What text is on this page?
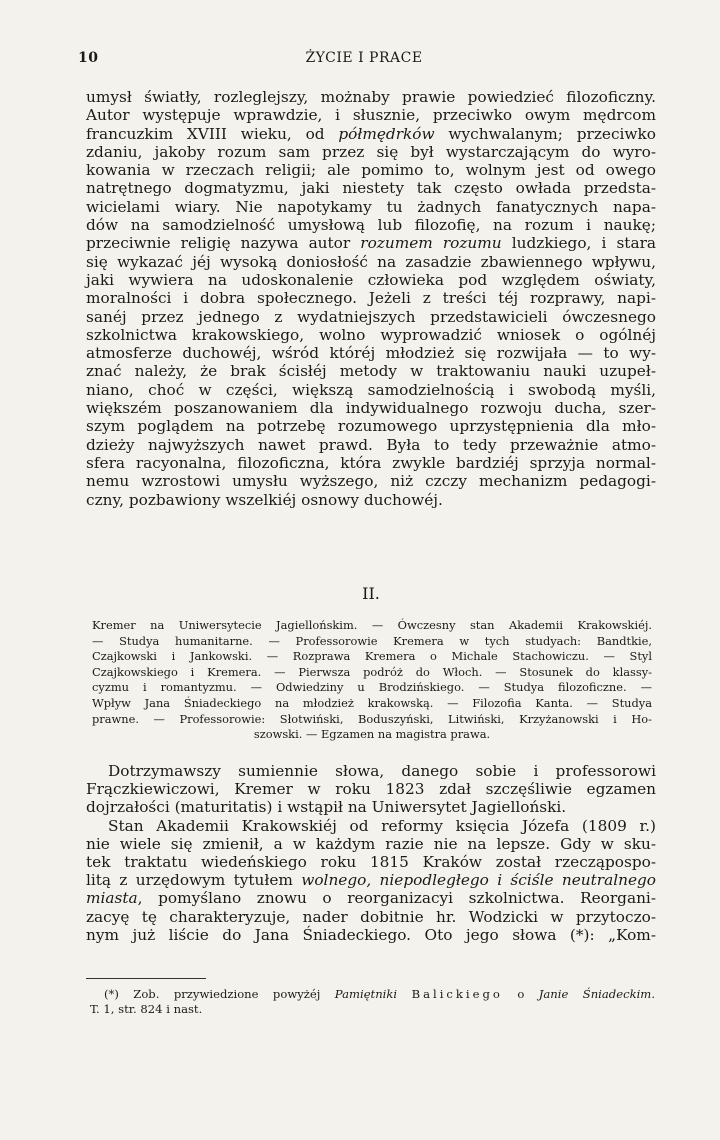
10	ŻYCIE I PRACE
umysł światły, rozleglejszy, możnaby prawie powiedzieć filozoficzny.
Autor występuje wprawdzie, i słusznie, przeciwko owym mędrcom
francuzkim XVIII wieku, od półmędrków wychwalanym; przeciwko
zdaniu, jakoby rozum sam przez się był wystarczającym do wyro-
kowania w rzeczach religii; ale pomimo to, wolnym jest od owego
natrętnego dogmatyzmu, jaki niestety tak często owłada przedsta-
wicielami wiary. Nie napotykamy tu żadnych fanatycznych napa-
dów na samodzielność umysłową lub filozofię, na rozum i naukę;
przeciwnie religię nazywa autor rozumem rozumu ludzkiego, i stara
się wykazać jéj wysoką doniosłość na zasadzie zbawiennego wpływu,
jaki wywiera na udoskonalenie człowieka pod względem oświaty,
moralności i dobra społecznego. Jeżeli z treści téj rozprawy, napi-
sanéj przez jednego z wydatniejszych przedstawicieli ówczesnego
szkolnictwa krakowskiego, wolno wyprowadzić wniosek o ogólnéj
atmosferze duchowéj, wśród któréj młodzież się rozwijała — to wy-
znać należy, że brak ścisłéj metody w traktowaniu nauki uzupeł-
niano, choć w części, większą samodzielnością i swobodą myśli,
większém poszanowaniem dla indywidualnego rozwoju ducha, szer-
szym poglądem na potrzebę rozumowego uprzystępnienia dla mło-
dzieży najwyższych nawet prawd. Była to tedy przeważnie atmo-
sfera racyonalna, filozoficzna, która zwykle bardziéj sprzyja normal-
nemu wzrostowi umysłu wyższego, niż czczy mechanizm pedagogi-
czny, pozbawiony wszelkiéj osnowy duchowéj.
II.
Kremer na Uniwersytecie Jagiellońskim. — Ówczesny stan Akademii Krakowskiéj.
— Studya humanitarne. — Professorowie Kremera w tych studyach: Bandtkie,
Czajkowski i Jankowski. — Rozprawa Kremera o Michale Stachowiczu. — Styl
Czajkowskiego i Kremera. — Pierwsza podróż do Włoch. — Stosunek do klassy-
cyzmu i romantyzmu. — Odwiedziny u Brodzińskiego. — Studya filozoficzne. —
Wpływ Jana Śniadeckiego na młodzież krakowską. — Filozofia Kanta. — Studya
prawne. — Professorowie: Słotwiński, Boduszyński, Litwiński, Krzyżanowski i Ho-
szowski. — Egzamen na magistra prawa.
Dotrzymawszy sumiennie słowa, danego sobie i professorowi
Frączkiewiczowi, Kremer w roku 1823 zdał szczęśliwie egzamen
dojrzałości (maturitatis) i wstąpił na Uniwersytet Jagielloński.
Stan Akademii Krakowskiéj od reformy księcia Józefa (1809 r.)
nie wiele się zmienił, a w każdym razie nie na lepsze. Gdy w sku-
tek traktatu wiedeńskiego roku 1815 Kraków został rzecząpospo-
litą z urzędowym tytułem wolnego, niepodległego i ściśle neutralnego
miasta, pomyślano znowu o reorganizacyi szkolnictwa. Reorgani-
zacyę tę charakteryzuje, nader dobitnie hr. Wodzicki w przytoczo-
nym już liście do Jana Śniadeckiego. Oto jego słowa (*): „Kom-
(*) Zob. przywiedzione powyżéj Pamiętniki Balickiego o Janie Śniadeckim.
T. 1, str. 824 i nast.
